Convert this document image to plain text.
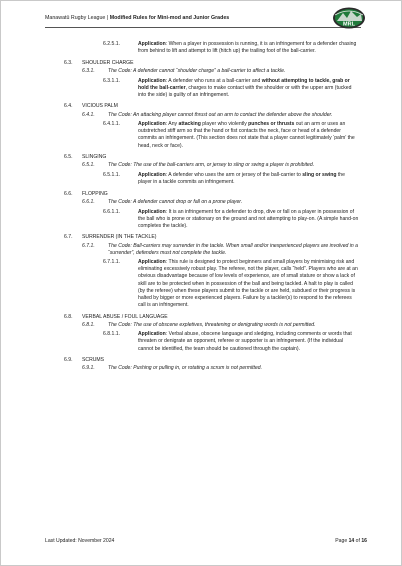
Manawatū Rugby League | Modified Rules for Mini-mod and Junior Grades
MRL
6.2.5.1.	Application: When a player in possession is running, it is an infringement for a defender chasing from behind to lift and attempt to lift (hitch up) the trailing foot of the ball-carrier.
6.3. SHOULDER CHARGE
6.3.1.	The Code: A defender cannot “shoulder charge” a ball-carrier to affect a tackle.
6.3.1.1.	Application: A defender who runs at a ball-carrier and without attempting to tackle, grab or hold the ball-carrier, charges to make contact with the shoulder or with the upper arm (tucked into the side) is guilty of an infringement.
6.4. VICIOUS PALM
6.4.1.	The Code: An attacking player cannot thrust out an arm to contact the defender above the shoulder.
6.4.1.1.	Application: Any attacking player who violently punches or thrusts out an arm or uses an outstretched stiff arm so that the hand or fist contacts the neck, face or head of a defender commits an infringement. (This section does not state that a player cannot legitimately ‘palm’ the head, neck or face).
6.5. SLINGING
6.5.1.	The Code: The use of the ball-carriers arm, or jersey to sling or swing a player is prohibited.
6.5.1.1.	Application: A defender who uses the arm or jersey of the ball-carrier to sling or swing the player in a tackle commits an infringement.
6.6. FLOPPING
6.6.1.	The Code: A defender cannot drop or fall on a prone player.
6.6.1.1.	Application: It is an infringement for a defender to drop, dive or fall on a player in possession of the ball who is prone or stationary on the ground and not attempting to play-on. (A simple hand-on completes the tackle).
6.7. SURRENDER (IN THE TACKLE)
6.7.1.	The Code: Ball-carriers may surrender in the tackle. When small and/or inexperienced players are involved in a “surrender”, defenders must not complete the tackle.
6.7.1.1.	Application: This rule is designed to protect beginners and small players by minimising risk and eliminating excessively robust play. The referee, not the player, calls “held”. Players who are at an obvious disadvantage because of low levels of experience, are of small stature or show a lack of skill are to be protected when in possession of the ball and being tackled. A halt to play is called (by the referee) when these players submit to the tackle or are held, subdued or their progress is halted by bigger or more experienced players. Failure by a tackler(s) to respond to the referees call is an infringement.
6.8. VERBAL ABUSE / FOUL LANGUAGE
6.8.1.	The Code: The use of obscene expletives, threatening or denigrating words is not permitted.
6.8.1.1.	Application: Verbal abuse, obscene language and sledging, including comments or words that threaten or denigrate an opponent, referee or supporter is an infringement. (If the individual cannot be identified, the team should be cautioned through the captain).
6.9. SCRUMS
6.9.1.	The Code: Pushing or pulling in, or rotating a scrum is not permitted.
Last Updated: November 2024	Page 14 of 16
